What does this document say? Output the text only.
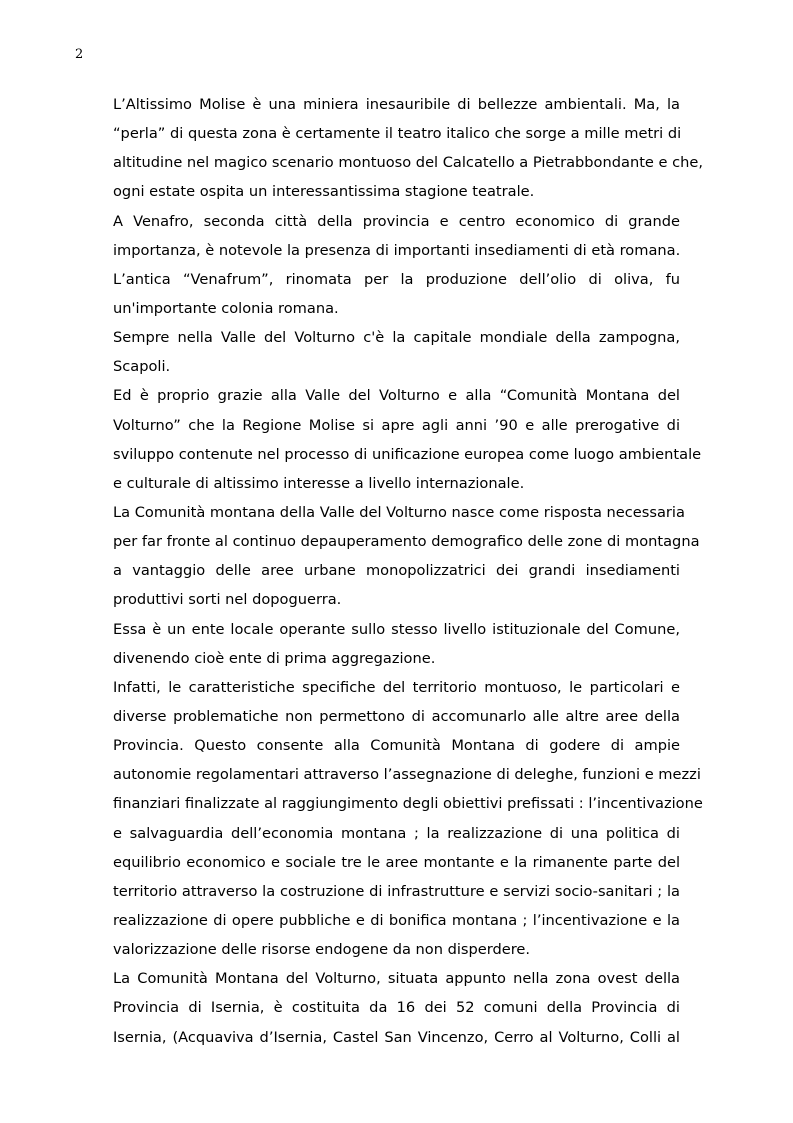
2
L’Altissimo Molise è una miniera inesauribile di bellezze ambientali. Ma, la
“perla” di questa zona è certamente il teatro italico che sorge a mille metri di
altitudine nel magico scenario montuoso del Calcatello a Pietrabbondante e che,
ogni estate ospita un interessantissima stagione teatrale.
A Venafro, seconda città della provincia e centro economico di grande
importanza, è notevole la presenza di importanti insediamenti di età romana.
L’antica “Venafrum”, rinomata per la produzione dell’olio di oliva, fu
un'importante colonia romana.
Sempre nella Valle del Volturno c'è la capitale mondiale della zampogna,
Scapoli.
Ed è proprio grazie alla Valle del Volturno e alla “Comunità Montana del
Volturno” che la Regione Molise si apre agli anni ’90 e alle prerogative di
sviluppo contenute nel processo di unificazione europea come luogo ambientale
e culturale di altissimo interesse a livello internazionale.
La Comunità montana della Valle del Volturno nasce come risposta necessaria
per far fronte al continuo depauperamento demografico delle zone di montagna
a vantaggio delle aree urbane monopolizzatrici dei grandi insediamenti
produttivi sorti nel dopoguerra.
Essa è un ente locale operante sullo stesso livello istituzionale del Comune,
divenendo cioè ente di prima aggregazione.
Infatti, le caratteristiche specifiche del territorio montuoso, le particolari e
diverse problematiche non permettono di accomunarlo alle altre aree della
Provincia. Questo consente alla Comunità Montana di godere di ampie
autonomie regolamentari attraverso l’assegnazione di deleghe, funzioni e mezzi
finanziari finalizzate al raggiungimento degli obiettivi prefissati : l’incentivazione
e salvaguardia dell’economia montana ; la realizzazione di una politica di
equilibrio economico e sociale tre le aree montante e la rimanente parte del
territorio attraverso la costruzione di infrastrutture e servizi socio-sanitari ; la
realizzazione di opere pubbliche e di bonifica montana ; l’incentivazione e la
valorizzazione delle risorse endogene da non disperdere.
La Comunità Montana del Volturno, situata appunto nella zona ovest della
Provincia di Isernia, è costituita da 16 dei 52 comuni della Provincia di
Isernia, (Acquaviva d’Isernia, Castel San Vincenzo, Cerro al Volturno, Colli al
